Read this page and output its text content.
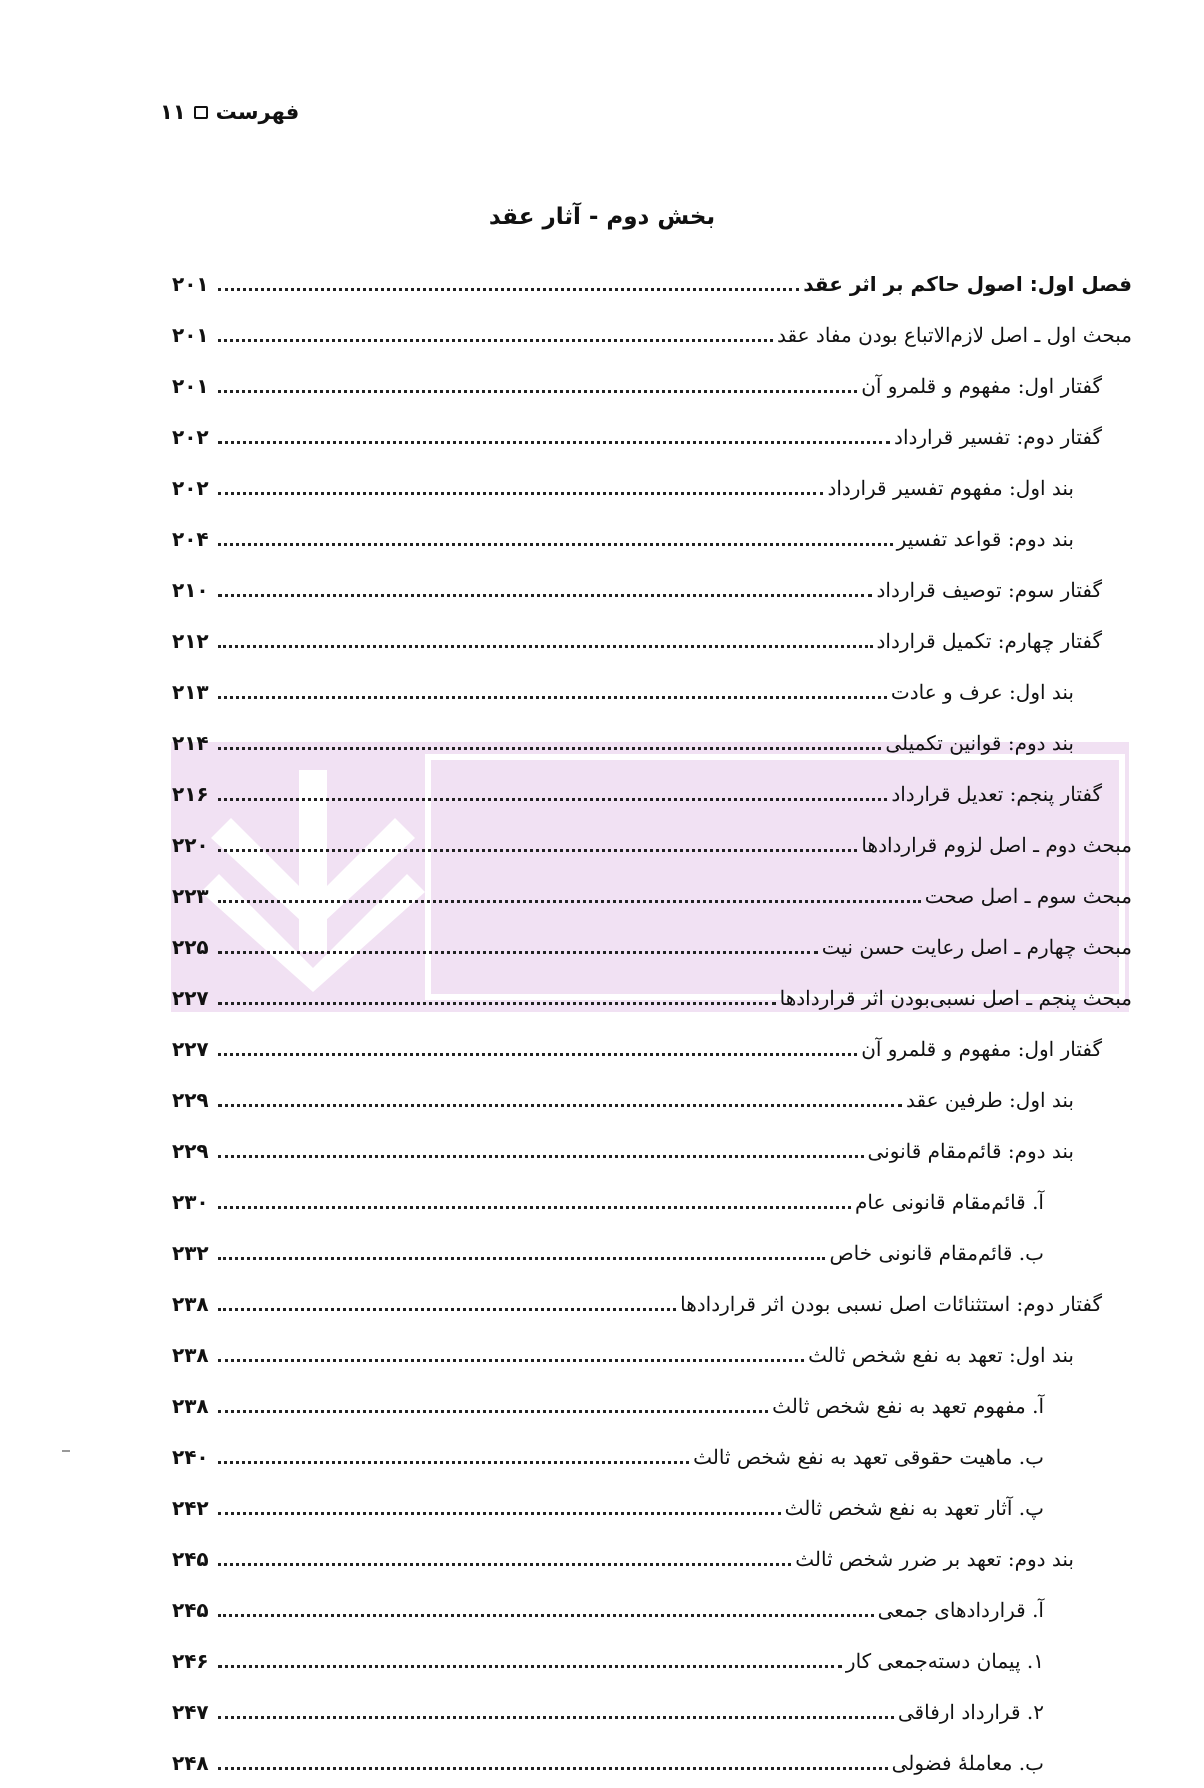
فهرست
۱۱
بخش دوم - آثار عقد
فصل اول: اصول حاکم بر اثر عقد
۲۰۱
مبحث اول ـ اصل لازم‌الاتباع بودن مفاد عقد
۲۰۱
گفتار اول: مفهوم و قلمرو آن
۲۰۱
گفتار دوم: تفسیر قرارداد
۲۰۲
بند اول: مفهوم تفسیر قرارداد
۲۰۲
بند دوم: قواعد تفسیر
۲۰۴
گفتار سوم: توصیف قرارداد
۲۱۰
گفتار چهارم: تکمیل قرارداد
۲۱۲
بند اول: عرف و عادت
۲۱۳
بند دوم: قوانین تکمیلی
۲۱۴
گفتار پنجم: تعدیل قرارداد
۲۱۶
مبحث دوم ـ اصل لزوم قراردادها
۲۲۰
مبحث سوم ـ اصل صحت
۲۲۳
مبحث چهارم ـ اصل رعایت حسن نیت
۲۲۵
مبحث پنجم ـ اصل نسبی‌بودن اثر قراردادها
۲۲۷
گفتار اول: مفهوم و قلمرو آن
۲۲۷
بند اول: طرفین عقد
۲۲۹
بند دوم: قائم‌مقام قانونی
۲۲۹
آ. قائم‌مقام قانونی عام
۲۳۰
ب. قائم‌مقام قانونی خاص
۲۳۲
گفتار دوم: استثنائات اصل نسبی بودن اثر قراردادها
۲۳۸
بند اول: تعهد به نفع شخص ثالث
۲۳۸
آ. مفهوم تعهد به نفع شخص ثالث
۲۳۸
ب. ماهیت حقوقی تعهد به نفع شخص ثالث
۲۴۰
پ. آثار تعهد به نفع شخص ثالث
۲۴۲
بند دوم: تعهد بر ضرر شخص ثالث
۲۴۵
آ. قراردادهای جمعی
۲۴۵
۱. پیمان دسته‌جمعی کار
۲۴۶
۲. قرارداد ارفاقی
۲۴۷
ب. معاملهٔ فضولی
۲۴۸
